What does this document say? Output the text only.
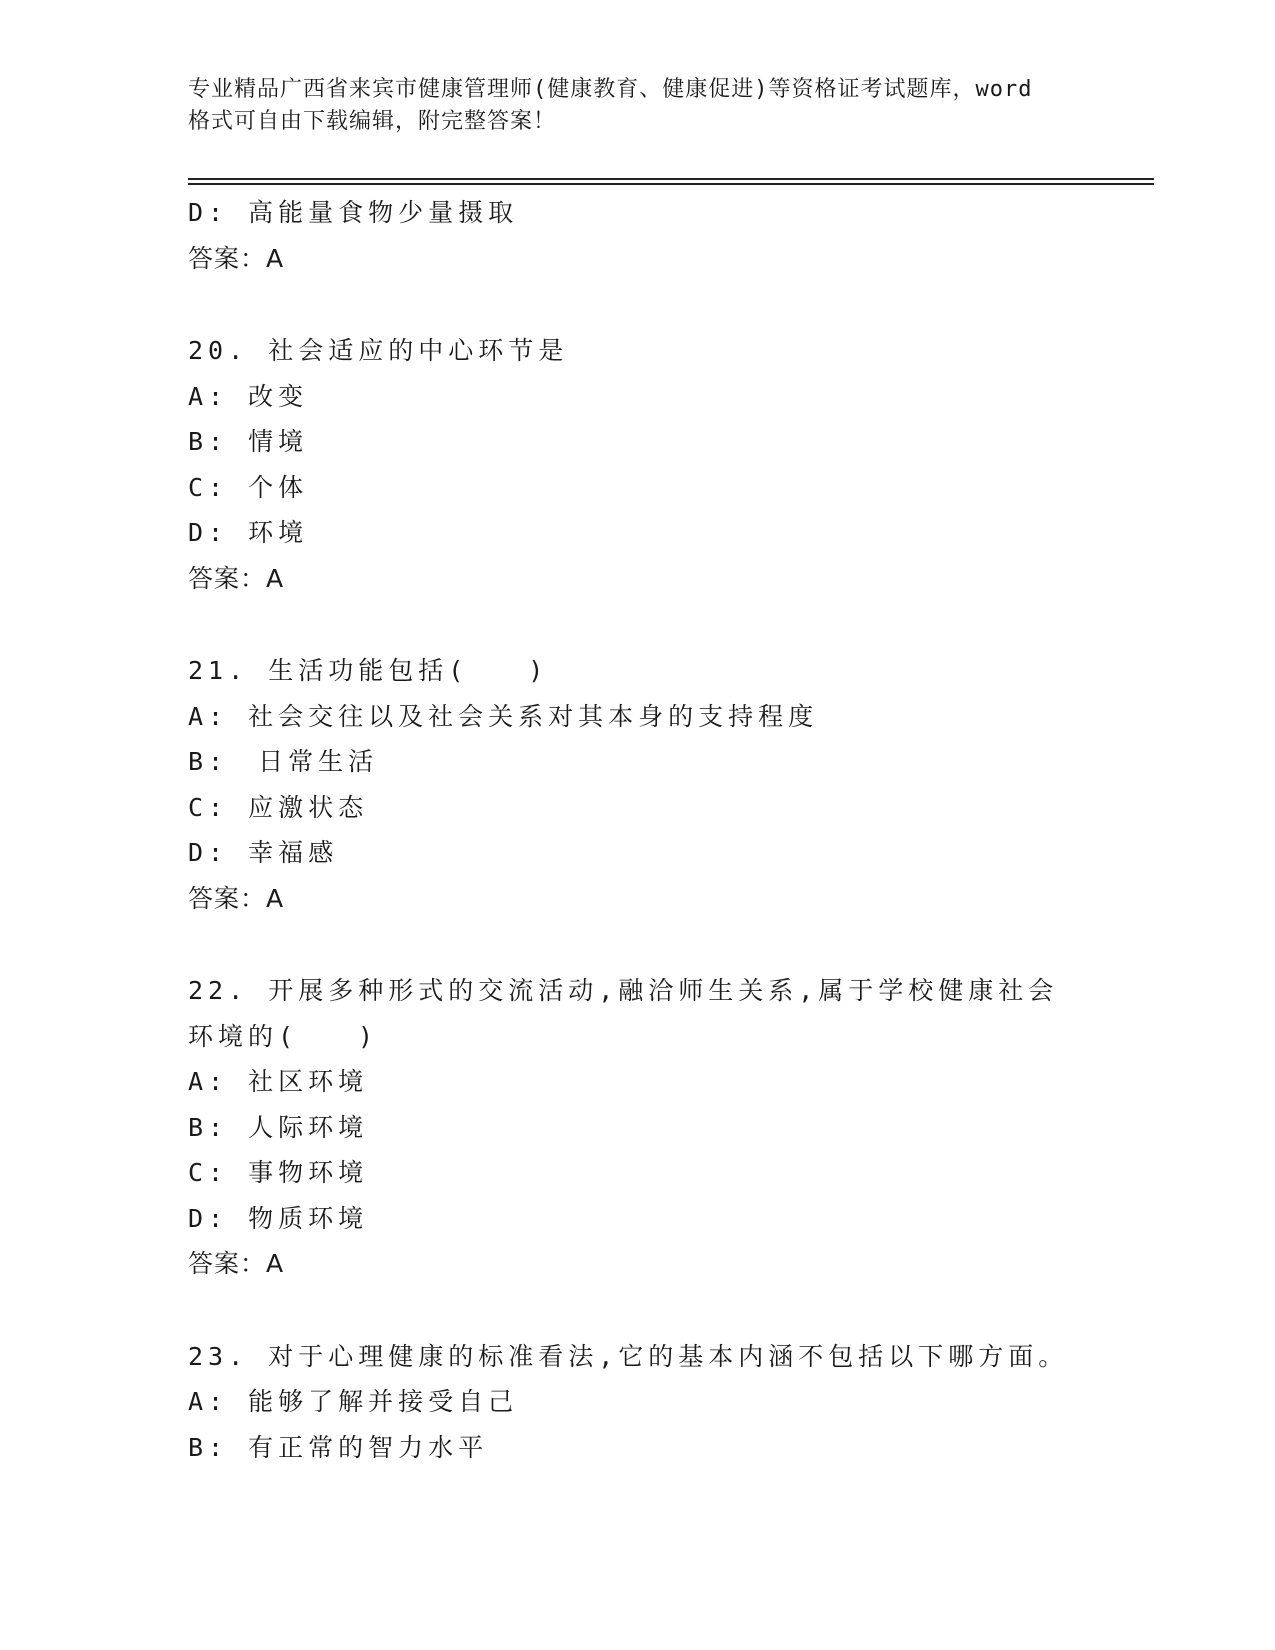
专业精品广西省来宾市健康管理师(健康教育、健康促进)等资格证考试题库，word
格式可自由下载编辑，附完整答案！
D: 高能量食物少量摄取
答案：A
20. 社会适应的中心环节是
A: 改变
B: 情境
C: 个体
D: 环境
答案：A
21. 生活功能包括(　　)
A: 社会交往以及社会关系对其本身的支持程度
B:　日常生活
C: 应激状态
D: 幸福感
答案：A
22. 开展多种形式的交流活动,融洽师生关系,属于学校健康社会环境的(　　)
A: 社区环境
B: 人际环境
C: 事物环境
D: 物质环境
答案：A
23. 对于心理健康的标准看法,它的基本内涵不包括以下哪方面。
A: 能够了解并接受自己
B: 有正常的智力水平
